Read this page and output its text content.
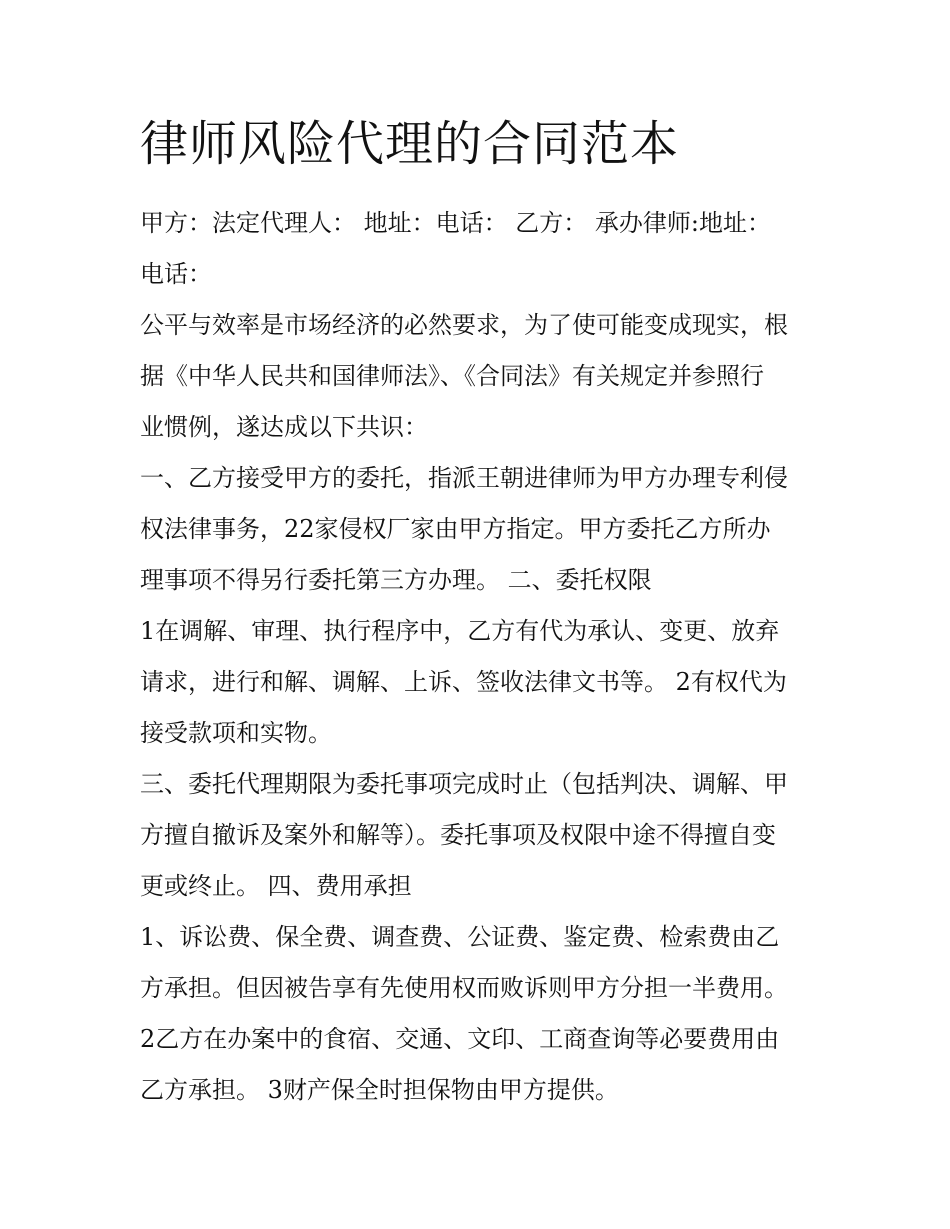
律师风险代理的合同范本

甲方：法定代理人： 地址：电话： 乙方： 承办律师:地址：

电话：

公平与效率是市场经济的必然要求，为了使可能变成现实，根

据《中华人民共和国律师法》、《合同法》有关规定并参照行

业惯例，遂达成以下共识：

一、乙方接受甲方的委托，指派王朝进律师为甲方办理专利侵

权法律事务，22家侵权厂家由甲方指定。甲方委托乙方所办

理事项不得另行委托第三方办理。 二、委托权限

1在调解、审理、执行程序中，乙方有代为承认、变更、放弃

请求，进行和解、调解、上诉、签收法律文书等。 2有权代为

接受款项和实物。

三、委托代理期限为委托事项完成时止（包括判决、调解、甲

方擅自撤诉及案外和解等）。委托事项及权限中途不得擅自变

更或终止。 四、费用承担

1、诉讼费、保全费、调查费、公证费、鉴定费、检索费由乙

方承担。但因被告享有先使用权而败诉则甲方分担一半费用。

2乙方在办案中的食宿、交通、文印、工商查询等必要费用由

乙方承担。 3财产保全时担保物由甲方提供。
